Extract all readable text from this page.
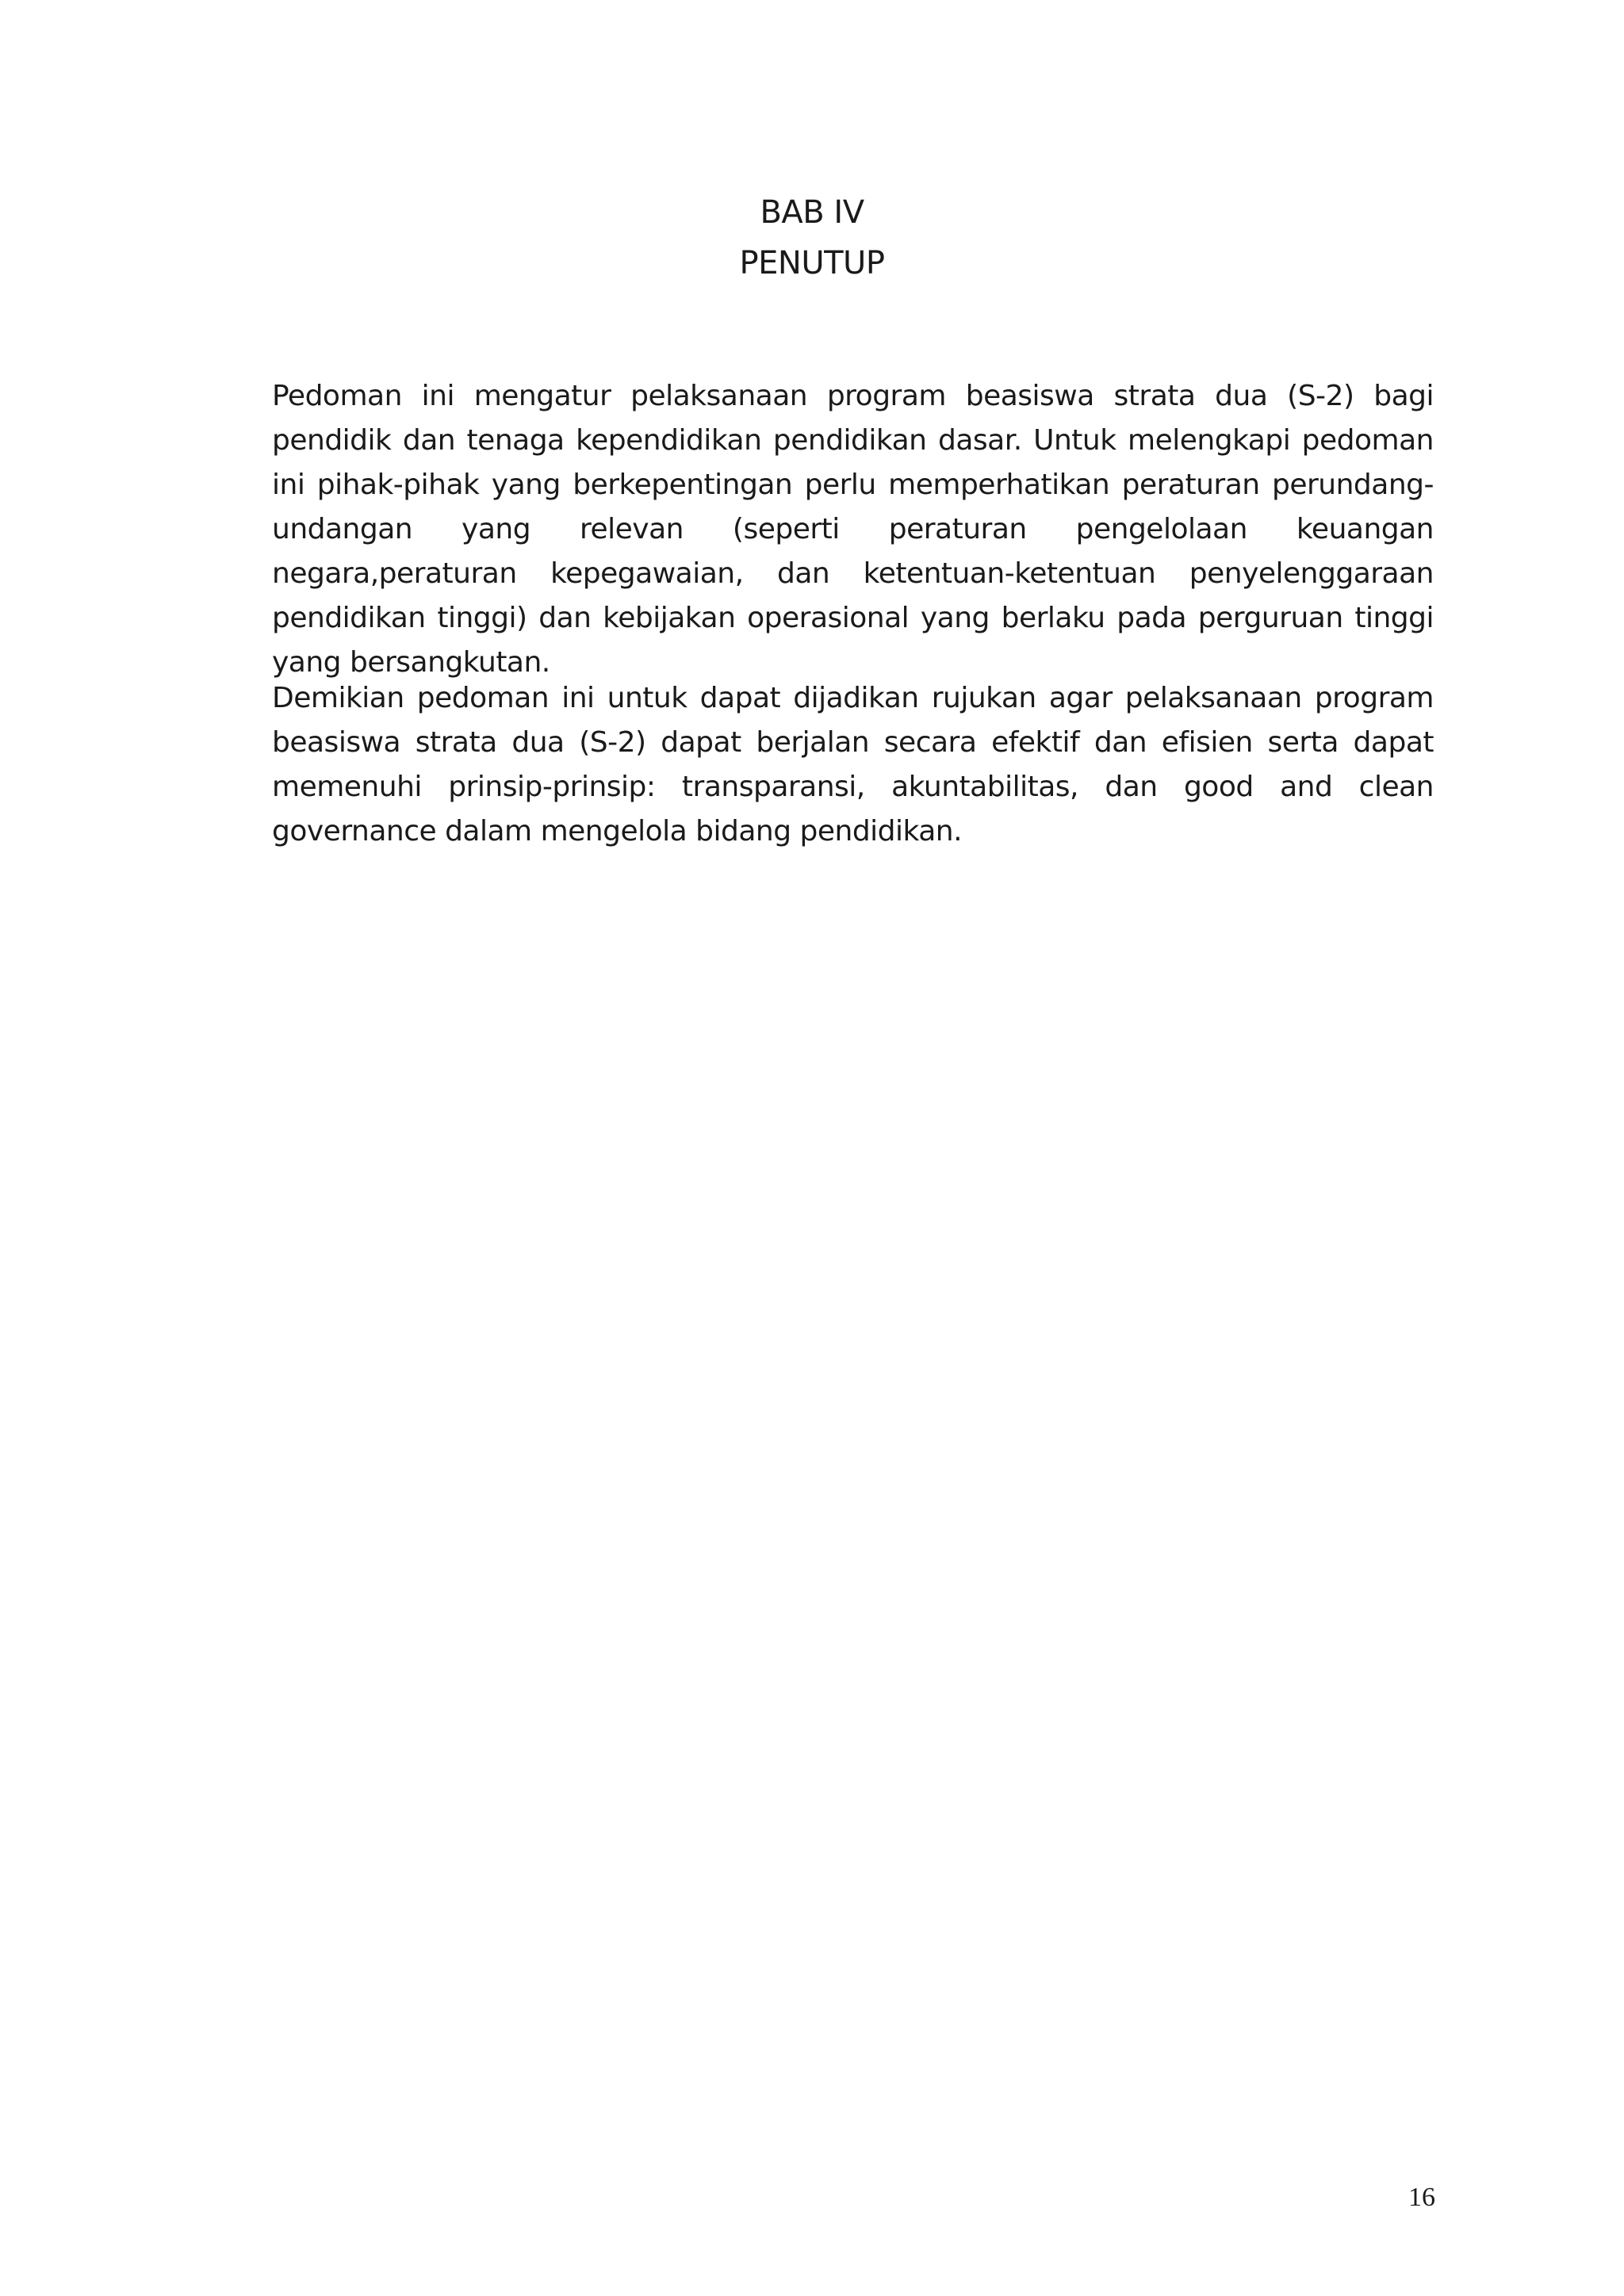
BAB IV
PENUTUP

Pedoman ini mengatur pelaksanaan program beasiswa strata dua (S-2) bagi pendidik dan tenaga kependidikan pendidikan dasar. Untuk melengkapi pedoman ini pihak-pihak yang berkepentingan perlu memperhatikan peraturan perundang-undangan yang relevan (seperti peraturan pengelolaan keuangan negara,peraturan kepegawaian, dan ketentuan-ketentuan penyelenggaraan pendidikan tinggi) dan kebijakan operasional yang berlaku pada perguruan tinggi yang bersangkutan.

Demikian pedoman ini untuk dapat dijadikan rujukan agar pelaksanaan program beasiswa strata dua (S-2) dapat berjalan secara efektif dan efisien serta dapat memenuhi prinsip-prinsip: transparansi, akuntabilitas, dan good and clean governance dalam mengelola bidang pendidikan.

16
